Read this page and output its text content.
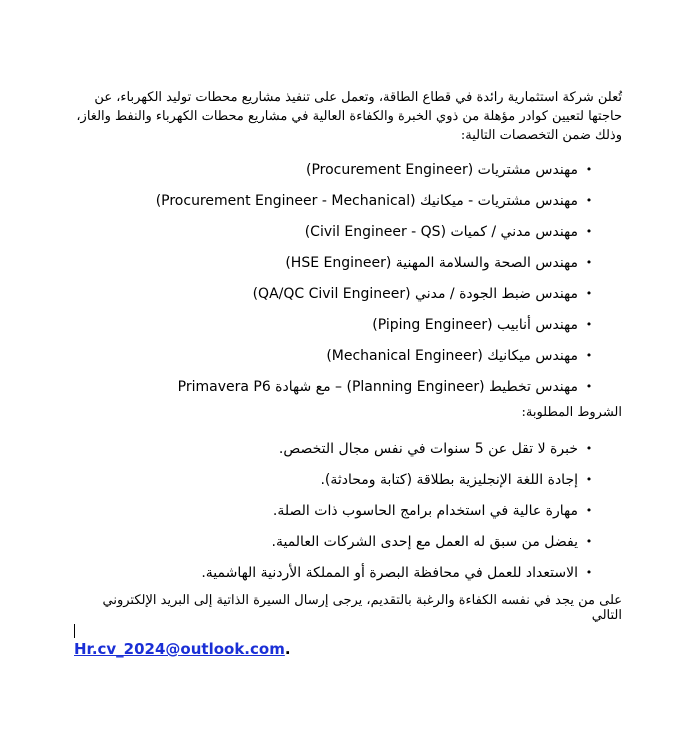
تُعلن شركة استثمارية رائدة في قطاع الطاقة، وتعمل على تنفيذ مشاريع محطات توليد الكهرباء، عن حاجتها لتعيين كوادر مؤهلة من ذوي الخبرة والكفاءة العالية في مشاريع محطات الكهرباء والنفط والغاز، وذلك ضمن التخصصات التالية:

مهندس مشتريات (Procurement Engineer) •
مهندس مشتريات - ميكانيك (Procurement Engineer - Mechanical) •
مهندس مدني / كميات (Civil Engineer - QS) •
مهندس الصحة والسلامة المهنية (HSE Engineer) •
مهندس ضبط الجودة / مدني (QA/QC Civil Engineer) •
مهندس أنابيب (Piping Engineer) •
مهندس ميكانيك (Mechanical Engineer) •
مهندس تخطيط (Planning Engineer) – مع شهادة Primavera P6 •

الشروط المطلوبة:

خبرة لا تقل عن 5 سنوات في نفس مجال التخصص. •
إجادة اللغة الإنجليزية بطلاقة (كتابة ومحادثة). •
مهارة عالية في استخدام برامج الحاسوب ذات الصلة. •
يفضل من سبق له العمل مع إحدى الشركات العالمية. •
الاستعداد للعمل في محافظة البصرة أو المملكة الأردنية الهاشمية. •

على من يجد في نفسه الكفاءة والرغبة بالتقديم، يرجى إرسال السيرة الذاتية إلى البريد الإلكتروني التالي

Hr.cv_2024@outlook.com.
